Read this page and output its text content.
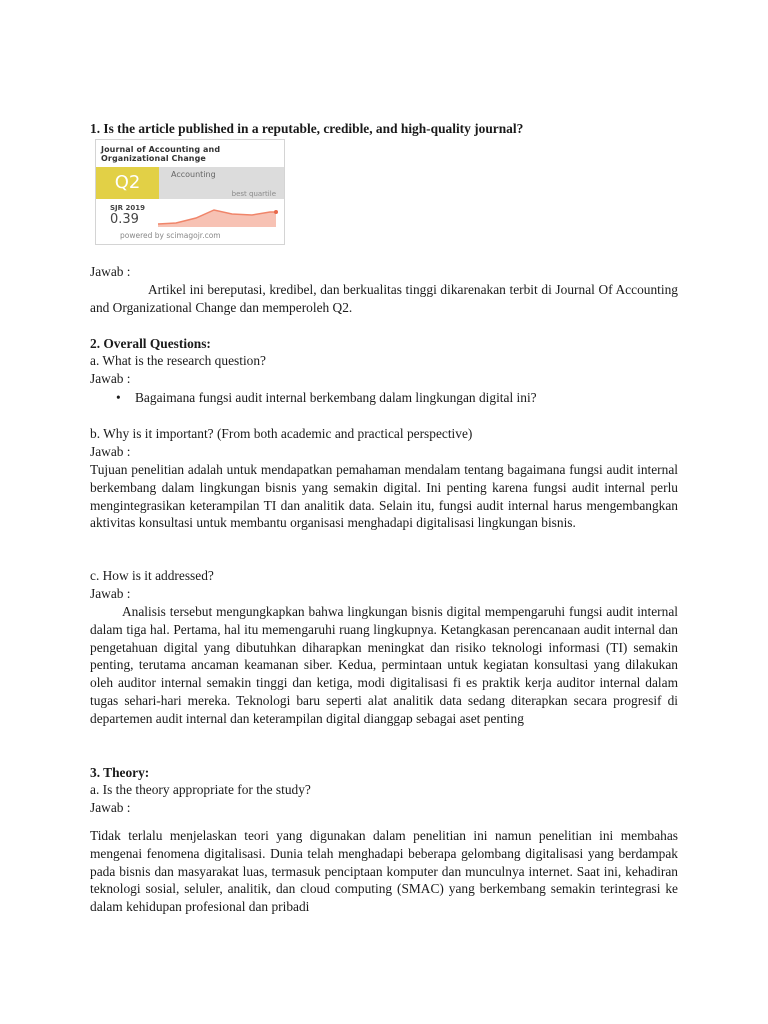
1. Is the article published in a reputable, credible, and high-quality journal?
Journal of Accounting and
Organizational Change
Q2	Accounting
best quartile
SJR 2019
0.39
powered by scimagojr.com
Jawab :
Artikel ini bereputasi, kredibel, dan berkualitas tinggi dikarenakan terbit di Journal Of Accounting and Organizational Change dan memperoleh Q2.
2. Overall Questions:
a. What is the research question?
Jawab :
• Bagaimana fungsi audit internal berkembang dalam lingkungan digital ini?
b. Why is it important? (From both academic and practical perspective)
Jawab :
Tujuan penelitian adalah untuk mendapatkan pemahaman mendalam tentang bagaimana fungsi audit internal berkembang dalam lingkungan bisnis yang semakin digital. Ini penting karena fungsi audit internal perlu mengintegrasikan keterampilan TI dan analitik data. Selain itu, fungsi audit internal harus mengembangkan aktivitas konsultasi untuk membantu organisasi menghadapi digitalisasi lingkungan bisnis.
c. How is it addressed?
Jawab :
Analisis tersebut mengungkapkan bahwa lingkungan bisnis digital mempengaruhi fungsi audit internal dalam tiga hal. Pertama, hal itu memengaruhi ruang lingkupnya. Ketangkasan perencanaan audit internal dan pengetahuan digital yang dibutuhkan diharapkan meningkat dan risiko teknologi informasi (TI) semakin penting, terutama ancaman keamanan siber. Kedua, permintaan untuk kegiatan konsultasi yang dilakukan oleh auditor internal semakin tinggi dan ketiga, modi digitalisasi fi es praktik kerja auditor internal dalam tugas sehari-hari mereka. Teknologi baru seperti alat analitik data sedang diterapkan secara progresif di departemen audit internal dan keterampilan digital dianggap sebagai aset penting
3. Theory:
a. Is the theory appropriate for the study?
Jawab :
Tidak terlalu menjelaskan teori yang digunakan dalam penelitian ini namun penelitian ini membahas mengenai fenomena digitalisasi. Dunia telah menghadapi beberapa gelombang digitalisasi yang berdampak pada bisnis dan masyarakat luas, termasuk penciptaan komputer dan munculnya internet. Saat ini, kehadiran teknologi sosial, seluler, analitik, dan cloud computing (SMAC) yang berkembang semakin terintegrasi ke dalam kehidupan profesional dan pribadi
